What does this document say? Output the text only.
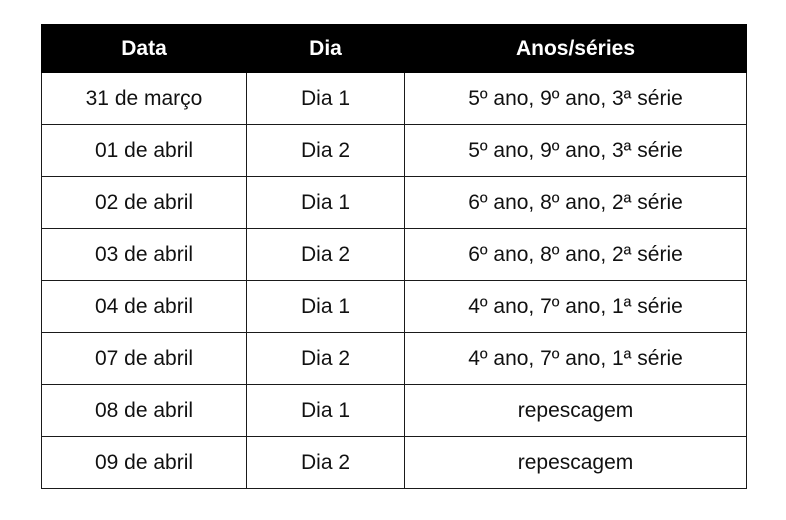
Data	Dia	Anos/séries
31 de março	Dia 1	5º ano, 9º ano, 3ª série
01 de abril	Dia 2	5º ano, 9º ano, 3ª série
02 de abril	Dia 1	6º ano, 8º ano, 2ª série
03 de abril	Dia 2	6º ano, 8º ano, 2ª série
04 de abril	Dia 1	4º ano, 7º ano, 1ª série
07 de abril	Dia 2	4º ano, 7º ano, 1ª série
08 de abril	Dia 1	repescagem
09 de abril	Dia 2	repescagem
